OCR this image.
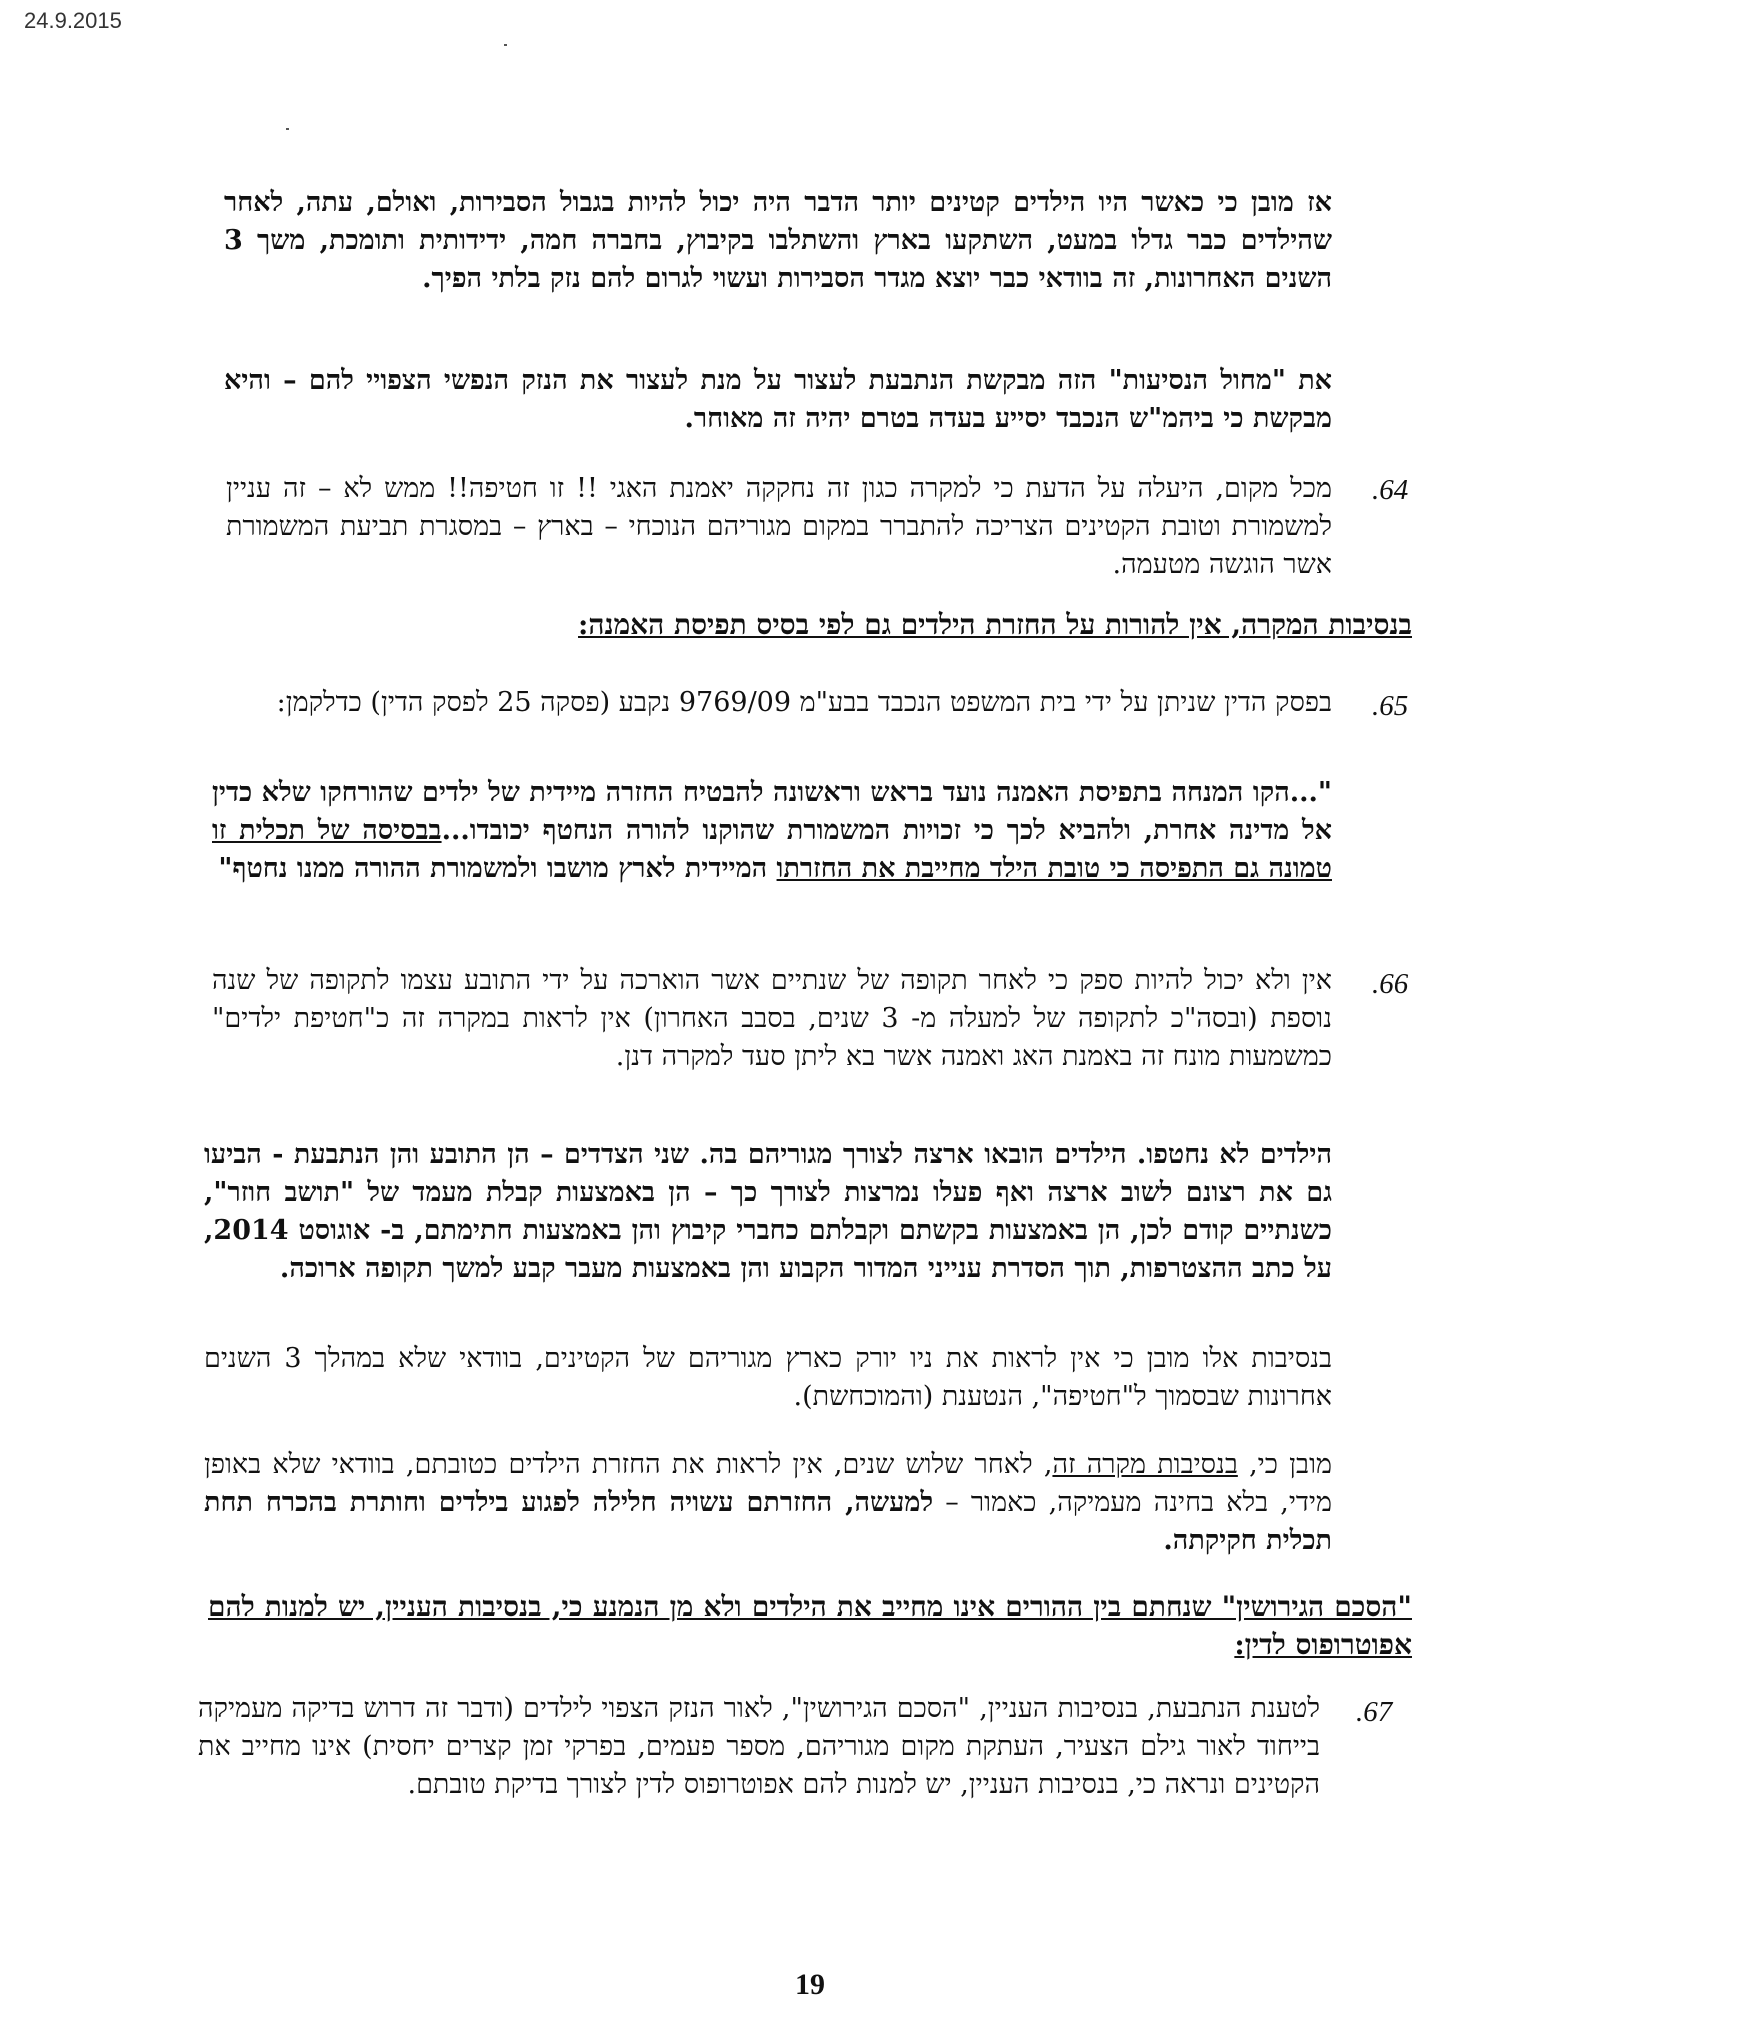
24.9.2015

אז מובן כי כאשר היו הילדים קטינים יותר הדבר היה יכול להיות בגבול הסבירות, ואולם, עתה, לאחר שהילדים כבר גדלו במעט, השתקעו בארץ והשתלבו בקיבוץ, בחברה חמה, ידידותית ותומכת, משך 3 השנים האחרונות, זה בוודאי כבר יוצא מגדר הסבירות ועשוי לגרום להם נזק בלתי הפיך.

את "מחול הנסיעות" הזה מבקשת הנתבעת לעצור על מנת לעצור את הנזק הנפשי הצפויי להם – והיא מבקשת כי ביהמ"ש הנכבד יסייע בעדה בטרם יהיה זה מאוחר.

.64

מכל מקום, היעלה על הדעת כי למקרה כגון זה נחקקה יאמנת האגי !! זו חטיפה!! ממש לא – זה עניין למשמורת וטובת הקטינים הצריכה להתברר במקום מגוריהם הנוכחי – בארץ – במסגרת תביעת המשמורת אשר הוגשה מטעמה.

בנסיבות המקרה, אין להורות על החזרת הילדים גם לפי בסיס תפיסת האמנה:
.65

בפסק הדין שניתן על ידי בית המשפט הנכבד בבע"מ 9769/09 נקבע (פסקה 25 לפסק הדין) כדלקמן:

"...הקו המנחה בתפיסת האמנה נועד בראש וראשונה להבטיח החזרה מיידית של ילדים שהורחקו שלא כדין אל מדינה אחרת, ולהביא לכך כי זכויות המשמורת שהוקנו להורה הנחטף יכובדו...בבסיסה של תכלית זו טמונה גם התפיסה כי טובת הילד מחייבת את החזרתו המיידית לארץ מושבו ולמשמורת ההורה ממנו נחטף"

.66

אין ולא יכול להיות ספק כי לאחר תקופה של שנתיים אשר הוארכה על ידי התובע עצמו לתקופה של שנה נוספת (ובסה"כ לתקופה של למעלה מ- 3 שנים, בסבב האחרון) אין לראות במקרה זה כ"חטיפת ילדים" כמשמעות מונח זה באמנת האג ואמנה אשר בא ליתן סעד למקרה דנן.

הילדים לא נחטפו. הילדים הובאו ארצה לצורך מגוריהם בה. שני הצדדים – הן התובע והן הנתבעת - הביעו גם את רצונם לשוב ארצה ואף פעלו נמרצות לצורך כך – הן באמצעות קבלת מעמד של "תושב חוזר", כשנתיים קודם לכן, הן באמצעות בקשתם וקבלתם כחברי קיבוץ והן באמצעות חתימתם, ב- אוגוסט 2014, על כתב ההצטרפות, תוך הסדרת ענייני המדור הקבוע והן באמצעות מעבר קבע למשך תקופה ארוכה.

בנסיבות אלו מובן כי אין לראות את ניו יורק כארץ מגוריהם של הקטינים, בוודאי שלא במהלך 3 השנים אחרונות שבסמוך ל"חטיפה", הנטענת (והמוכחשת).

מובן כי, בנסיבות מקרה זה, לאחר שלוש שנים, אין לראות את החזרת הילדים כטובתם, בוודאי שלא באופן מידי, בלא בחינה מעמיקה, כאמור – למעשה, החזרתם עשויה חלילה לפגוע בילדים וחותרת בהכרח תחת תכלית חקיקתה.

"הסכם הגירושין" שנחתם בין ההורים אינו מחייב את הילדים ולא מן הנמנע כי, בנסיבות העניין, יש למנות להם אפוטרופוס לדין:
.67

לטענת הנתבעת, בנסיבות העניין, "הסכם הגירושין", לאור הנזק הצפוי לילדים (ודבר זה דרוש בדיקה מעמיקה בייחוד לאור גילם הצעיר, העתקת מקום מגוריהם, מספר פעמים, בפרקי זמן קצרים יחסית) אינו מחייב את הקטינים ונראה כי, בנסיבות העניין, יש למנות להם אפוטרופוס לדין לצורך בדיקת טובתם.

19
